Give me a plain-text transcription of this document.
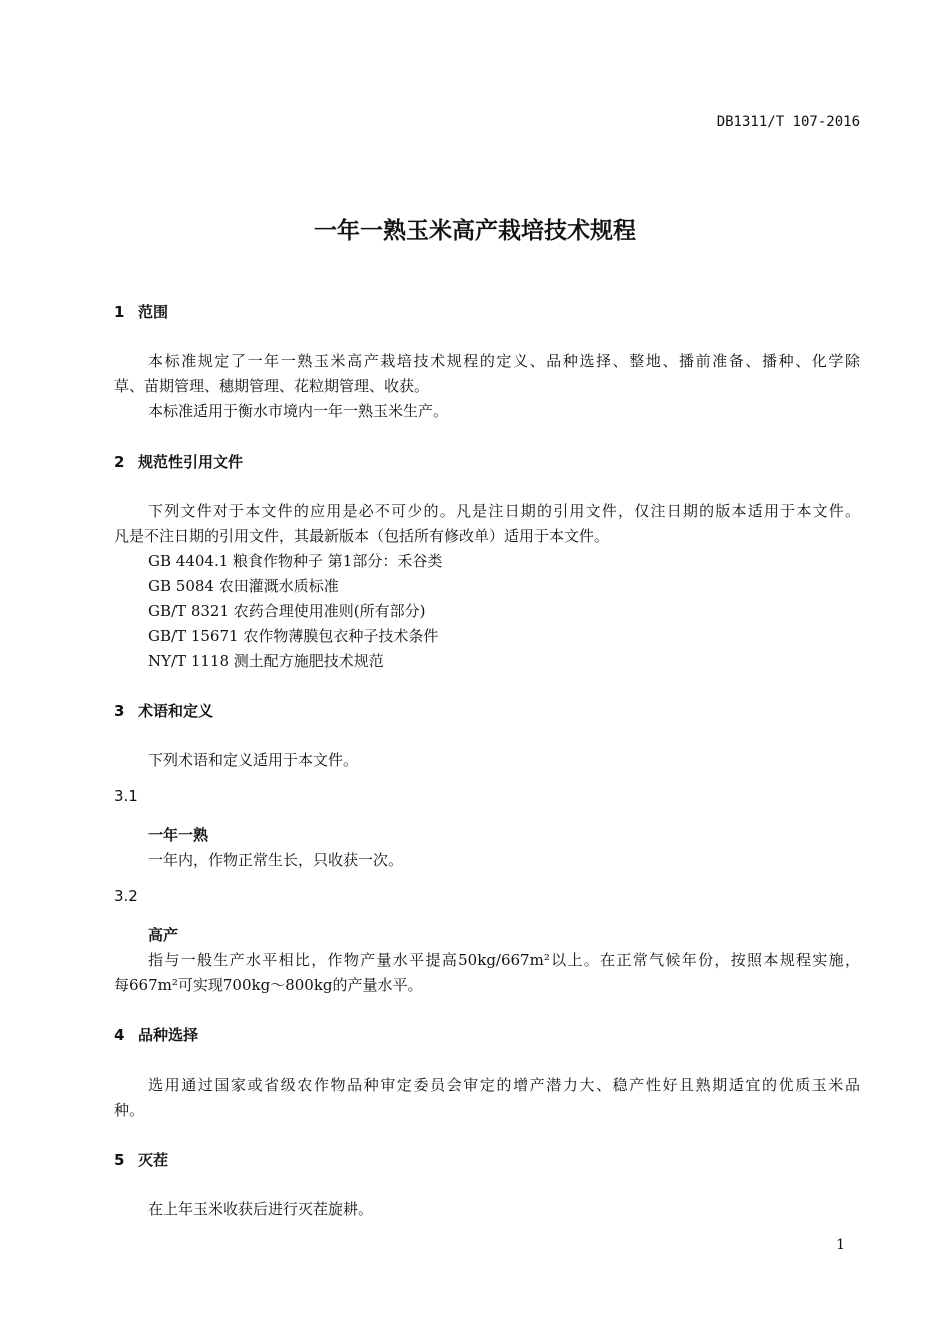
DB1311/T 107-2016
一年一熟玉米高产栽培技术规程
1 范围
本标准规定了一年一熟玉米高产栽培技术规程的定义、品种选择、整地、播前准备、播种、化学除
草、苗期管理、穗期管理、花粒期管理、收获。
本标准适用于衡水市境内一年一熟玉米生产。
2 规范性引用文件
下列文件对于本文件的应用是必不可少的。凡是注日期的引用文件，仅注日期的版本适用于本文件。
凡是不注日期的引用文件，其最新版本（包括所有修改单）适用于本文件。
GB 4404.1 粮食作物种子 第1部分：禾谷类
GB 5084 农田灌溉水质标准
GB/T 8321 农药合理使用准则(所有部分)
GB/T 15671 农作物薄膜包衣种子技术条件
NY/T 1118 测土配方施肥技术规范
3 术语和定义
下列术语和定义适用于本文件。
3.1
一年一熟
一年内，作物正常生长，只收获一次。
3.2
高产
指与一般生产水平相比，作物产量水平提高50kg/667m²以上。在正常气候年份，按照本规程实施，
每667m²可实现700kg～800kg的产量水平。
4 品种选择
选用通过国家或省级农作物品种审定委员会审定的增产潜力大、稳产性好且熟期适宜的优质玉米品
种。
5 灭茬
在上年玉米收获后进行灭茬旋耕。
1
